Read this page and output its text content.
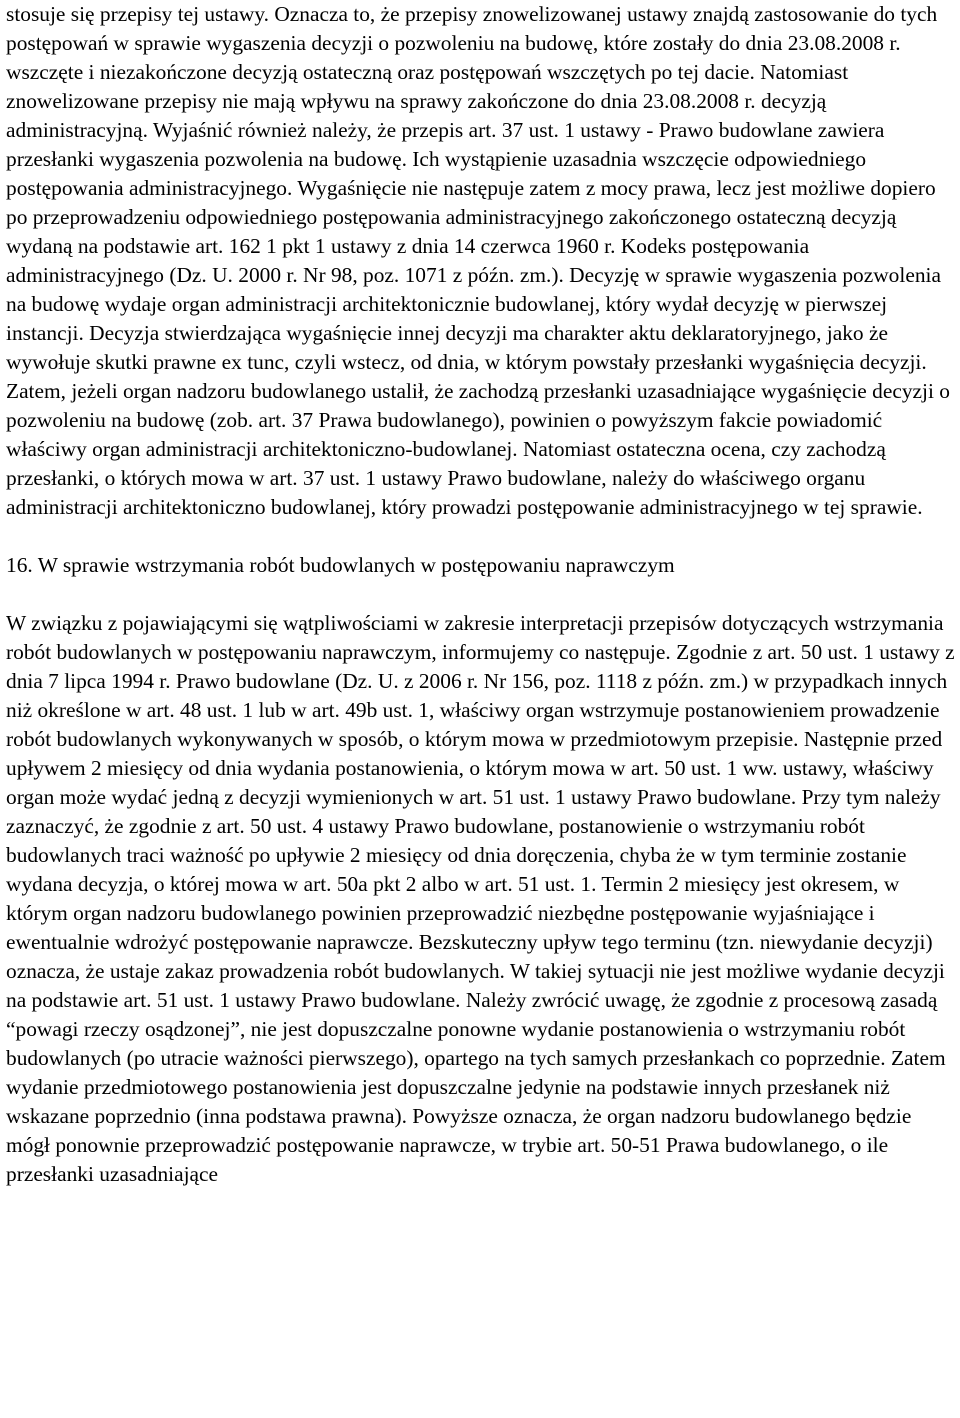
stosuje się przepisy tej ustawy. Oznacza to, że przepisy znowelizowanej ustawy znajdą zastosowanie do tych postępowań w sprawie wygaszenia decyzji o pozwoleniu na budowę, które zostały do dnia 23.08.2008 r. wszczęte i niezakończone decyzją ostateczną oraz postępowań wszczętych po tej dacie. Natomiast znowelizowane przepisy nie mają wpływu na sprawy zakończone do dnia 23.08.2008 r. decyzją administracyjną. Wyjaśnić również należy, że przepis art. 37 ust. 1 ustawy - Prawo budowlane zawiera przesłanki wygaszenia pozwolenia na budowę. Ich wystąpienie uzasadnia wszczęcie odpowiedniego postępowania administracyjnego. Wygaśnięcie nie następuje zatem z mocy prawa, lecz jest możliwe dopiero po przeprowadzeniu odpowiedniego postępowania administracyjnego zakończonego ostateczną decyzją wydaną na podstawie art. 162 1 pkt 1 ustawy z dnia 14 czerwca 1960 r. Kodeks postępowania administracyjnego (Dz. U. 2000 r. Nr 98, poz. 1071 z późn. zm.). Decyzję w sprawie wygaszenia pozwolenia na budowę wydaje organ administracji architektonicznie budowlanej, który wydał decyzję w pierwszej instancji. Decyzja stwierdzająca wygaśnięcie innej decyzji ma charakter aktu deklaratoryjnego, jako że wywołuje skutki prawne ex tunc, czyli wstecz, od dnia, w którym powstały przesłanki wygaśnięcia decyzji. Zatem, jeżeli organ nadzoru budowlanego ustalił, że zachodzą przesłanki uzasadniające wygaśnięcie decyzji o pozwoleniu na budowę (zob. art. 37 Prawa budowlanego), powinien o powyższym fakcie powiadomić właściwy organ administracji architektoniczno-budowlanej. Natomiast ostateczna ocena, czy zachodzą przesłanki, o których mowa w art. 37 ust. 1 ustawy Prawo budowlane, należy do właściwego organu administracji architektoniczno budowlanej, który prowadzi postępowanie administracyjnego w tej sprawie.

16. W sprawie wstrzymania robót budowlanych w postępowaniu naprawczym

W związku z pojawiającymi się wątpliwościami w zakresie interpretacji przepisów dotyczących wstrzymania robót budowlanych w postępowaniu naprawczym, informujemy co następuje. Zgodnie z art. 50 ust. 1 ustawy z dnia 7 lipca 1994 r. Prawo budowlane (Dz. U. z 2006 r. Nr 156, poz. 1118 z późn. zm.) w przypadkach innych niż określone w art. 48 ust. 1 lub w art. 49b ust. 1, właściwy organ wstrzymuje postanowieniem prowadzenie robót budowlanych wykonywanych w sposób, o którym mowa w przedmiotowym przepisie. Następnie przed upływem 2 miesięcy od dnia wydania postanowienia, o którym mowa w art. 50 ust. 1 ww. ustawy, właściwy organ może wydać jedną z decyzji wymienionych w art. 51 ust. 1 ustawy Prawo budowlane. Przy tym należy zaznaczyć, że zgodnie z art. 50 ust. 4 ustawy Prawo budowlane, postanowienie o wstrzymaniu robót budowlanych traci ważność po upływie 2 miesięcy od dnia doręczenia, chyba że w tym terminie zostanie wydana decyzja, o której mowa w art. 50a pkt 2 albo w art. 51 ust. 1. Termin 2 miesięcy jest okresem, w którym organ nadzoru budowlanego powinien przeprowadzić niezbędne postępowanie wyjaśniające i ewentualnie wdrożyć postępowanie naprawcze. Bezskuteczny upływ tego terminu (tzn. niewydanie decyzji) oznacza, że ustaje zakaz prowadzenia robót budowlanych. W takiej sytuacji nie jest możliwe wydanie decyzji na podstawie art. 51 ust. 1 ustawy Prawo budowlane. Należy zwrócić uwagę, że zgodnie z procesową zasadą “powagi rzeczy osądzonej”, nie jest dopuszczalne ponowne wydanie postanowienia o wstrzymaniu robót budowlanych (po utracie ważności pierwszego), opartego na tych samych przesłankach co poprzednie. Zatem wydanie przedmiotowego postanowienia jest dopuszczalne jedynie na podstawie innych przesłanek niż wskazane poprzednio (inna podstawa prawna). Powyższe oznacza, że organ nadzoru budowlanego będzie mógł ponownie przeprowadzić postępowanie naprawcze, w trybie art. 50-51 Prawa budowlanego, o ile przesłanki uzasadniające
